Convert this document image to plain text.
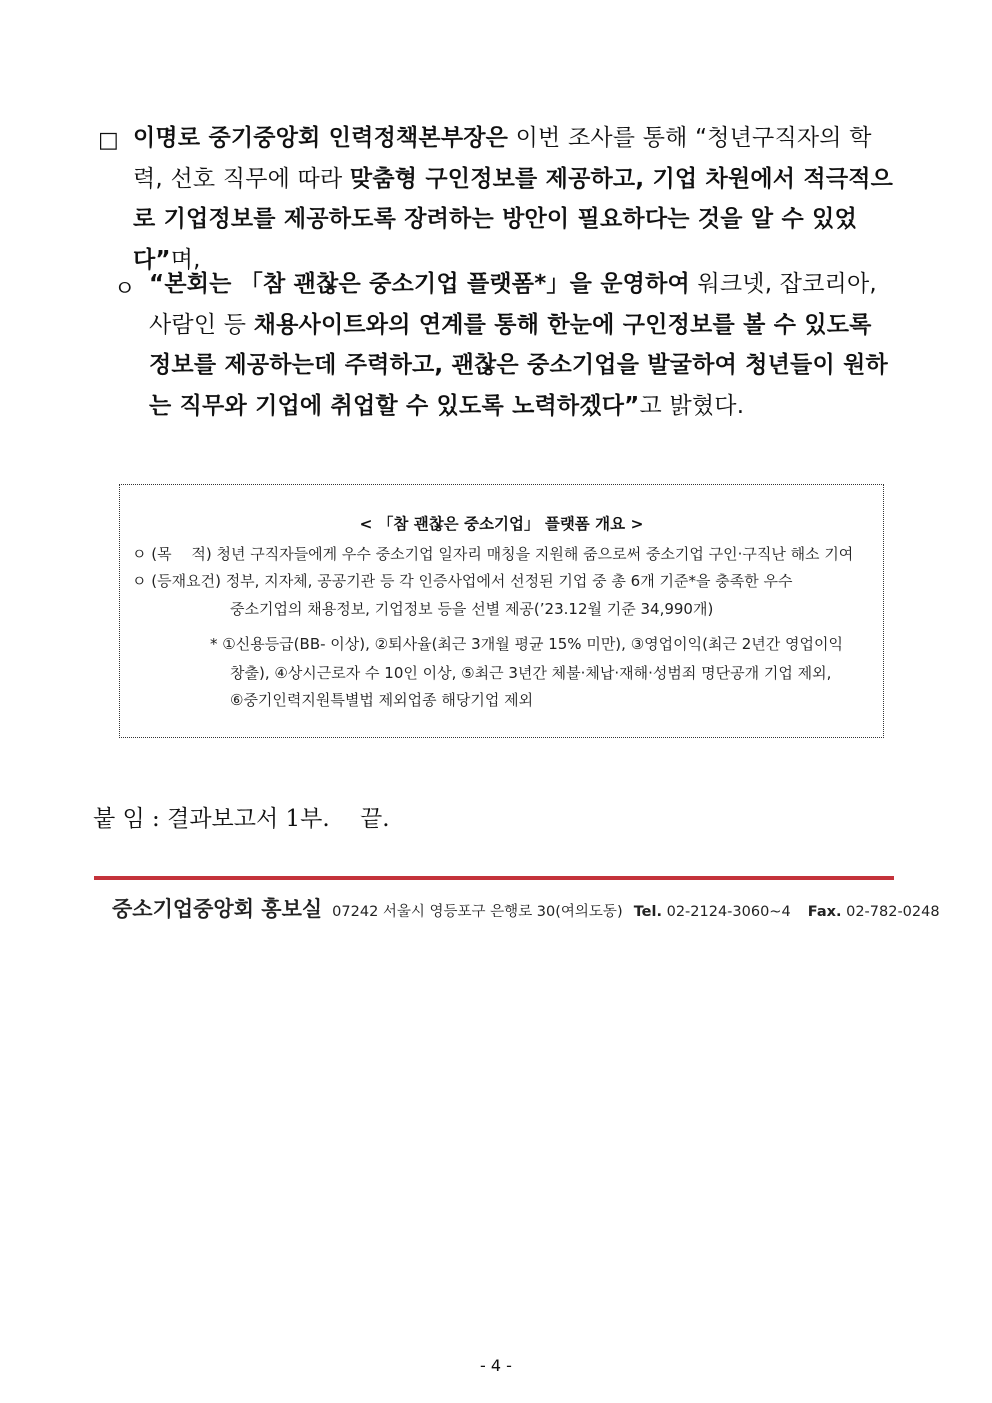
□ 이명로 중기중앙회 인력정책본부장은 이번 조사를 통해 “청년구직자의 학력, 선호 직무에 따라 맞춤형 구인정보를 제공하고, 기업 차원에서 적극적으로 기업정보를 제공하도록 장려하는 방안이 필요하다는 것을 알 수 있었다”며,
ㅇ “본회는 「참 괜찮은 중소기업 플랫폼*」을 운영하여 워크넷, 잡코리아, 사람인 등 채용사이트와의 연계를 통해 한눈에 구인정보를 볼 수 있도록 정보를 제공하는데 주력하고, 괜찮은 중소기업을 발굴하여 청년들이 원하는 직무와 기업에 취업할 수 있도록 노력하겠다”고 밝혔다.
< 「참 괜찮은 중소기업」 플랫폼 개요 >
ㅇ (목　 적) 청년 구직자들에게 우수 중소기업 일자리 매칭을 지원해 줌으로써 중소기업 구인·구직난 해소 기여
ㅇ (등재요건) 정부, 지자체, 공공기관 등 각 인증사업에서 선정된 기업 중 총 6개 기준*을 충족한 우수
중소기업의 채용정보, 기업정보 등을 선별 제공(’23.12월 기준 34,990개)
* ①신용등급(BB- 이상), ②퇴사율(최근 3개월 평균 15% 미만), ③영업이익(최근 2년간 영업이익
창출), ④상시근로자 수 10인 이상, ⑤최근 3년간 체불·체납·재해·성범죄 명단공개 기업 제외,
⑥중기인력지원특별법 제외업종 해당기업 제외
붙 임 : 결과보고서 1부.　 끝.
중소기업중앙회 홍보실 07242 서울시 영등포구 은행로 30(여의도동) Tel. 02-2124-3060~4 Fax. 02-782-0248
- 4 -
